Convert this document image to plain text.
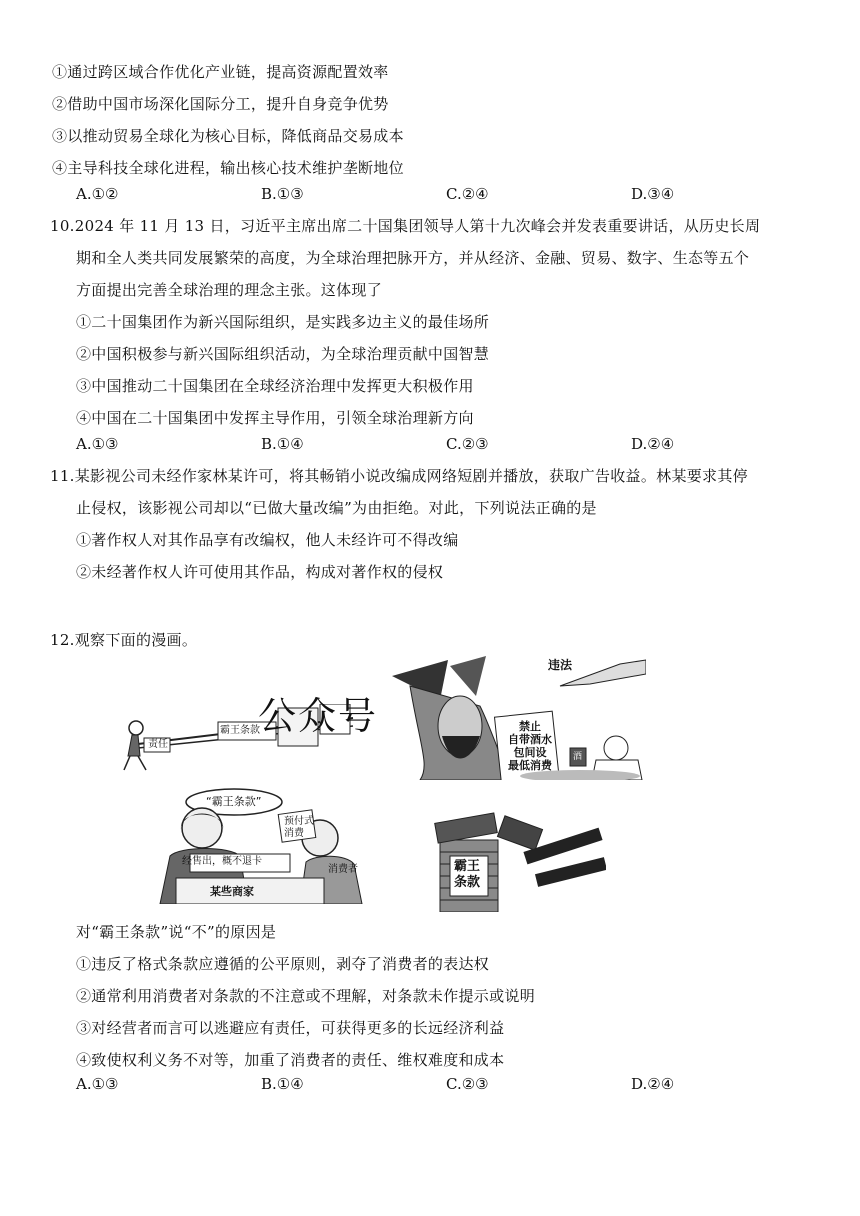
①通过跨区域合作优化产业链，提高资源配置效率
②借助中国市场深化国际分工，提升自身竞争优势
③以推动贸易全球化为核心目标，降低商品交易成本
④主导科技全球化进程，输出核心技术维护垄断地位
A.①②	B.①③	C.②④	D.③④
10.2024 年 11 月 13 日，习近平主席出席二十国集团领导人第十九次峰会并发表重要讲话，从历史长周
期和全人类共同发展繁荣的高度，为全球治理把脉开方，并从经济、金融、贸易、数字、生态等五个
方面提出完善全球治理的理念主张。这体现了
①二十国集团作为新兴国际组织，是实践多边主义的最佳场所
②中国积极参与新兴国际组织活动，为全球治理贡献中国智慧
③中国推动二十国集团在全球经济治理中发挥更大积极作用
④中国在二十国集团中发挥主导作用，引领全球治理新方向
A.①③	B.①④	C.②③	D.②④
11.某影视公司未经作家林某许可，将其畅销小说改编成网络短剧并播放，获取广告收益。林某要求其停
止侵权，该影视公司却以“已做大量改编”为由拒绝。对此，下列说法正确的是
①著作权人对其作品享有改编权，他人未经许可不得改编
②未经著作权人许可使用其作品，构成对著作权的侵权
12.观察下面的漫画。
霸王条款
责任
违法
禁止
自带酒水
包间设
最低消费
酒
公众号
“霸王条款”
预付式
消费
经售出，概不退卡
某些商家
消费者	霸王
条款
对“霸王条款”说“不”的原因是
①违反了格式条款应遵循的公平原则，剥夺了消费者的表达权
②通常利用消费者对条款的不注意或不理解，对条款未作提示或说明
③对经营者而言可以逃避应有责任，可获得更多的长远经济利益
④致使权利义务不对等，加重了消费者的责任、维权难度和成本
A.①③	B.①④	C.②③	D.②④
